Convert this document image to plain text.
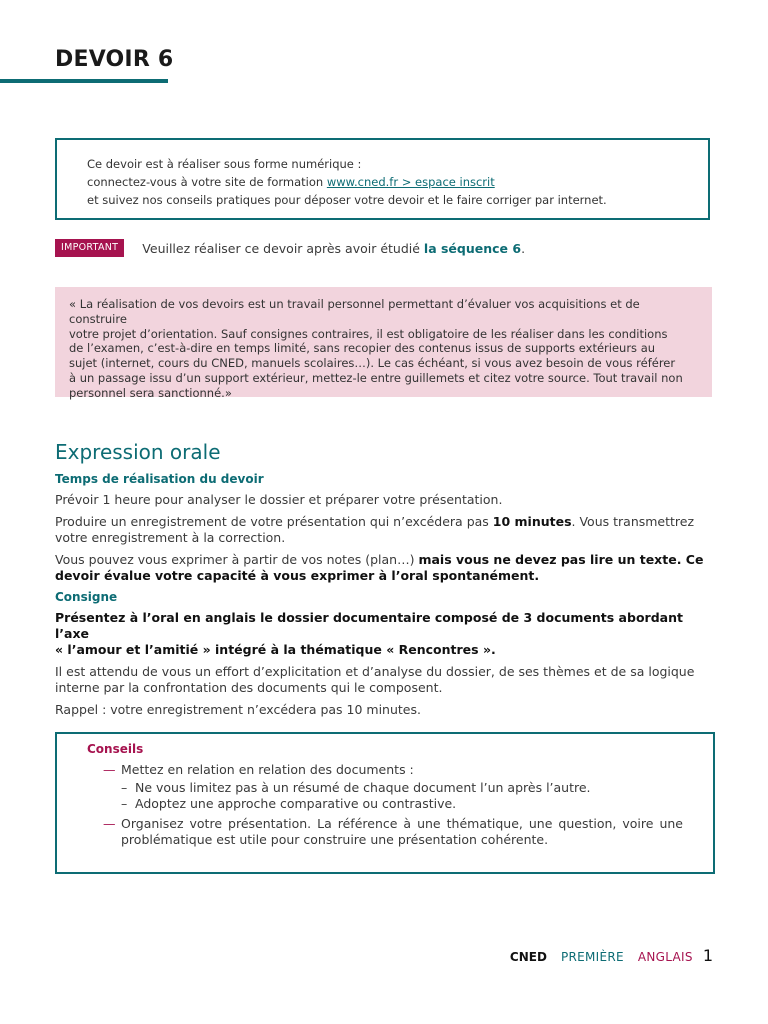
DEVOIR 6
Ce devoir est à réaliser sous forme numérique :
connectez-vous à votre site de formation www.cned.fr > espace inscrit
et suivez nos conseils pratiques pour déposer votre devoir et le faire corriger par internet.
IMPORTANT	Veuillez réaliser ce devoir après avoir étudié la séquence 6.
« La réalisation de vos devoirs est un travail personnel permettant d’évaluer vos acquisitions et de construire
votre projet d’orientation. Sauf consignes contraires, il est obligatoire de les réaliser dans les conditions
de l’examen, c’est-à-dire en temps limité, sans recopier des contenus issus de supports extérieurs au
sujet (internet, cours du CNED, manuels scolaires…). Le cas échéant, si vous avez besoin de vous référer
à un passage issu d’un support extérieur, mettez-le entre guillemets et citez votre source. Tout travail non
personnel sera sanctionné.»
Expression orale
Temps de réalisation du devoir

Prévoir 1 heure pour analyser le dossier et préparer votre présentation.

Produire un enregistrement de votre présentation qui n’excédera pas 10 minutes. Vous transmettrez votre enregistrement à la correction.

Vous pouvez vous exprimer à partir de vos notes (plan…) mais vous ne devez pas lire un texte. Ce devoir évalue votre capacité à vous exprimer à l’oral spontanément.

Consigne
Présentez à l’oral en anglais le dossier documentaire composé de 3 documents abordant l’axe
« l’amour et l’amitié » intégré à la thématique « Rencontres ».

Il est attendu de vous un effort d’explicitation et d’analyse du dossier, de ses thèmes et de sa logique interne par la confrontation des documents qui le composent.

Rappel : votre enregistrement n’excédera pas 10 minutes.

Conseils
— Mettez en relation en relation des documents :
– Ne vous limitez pas à un résumé de chaque document l’un après l’autre.
– Adoptez une approche comparative ou contrastive.
— Organisez votre présentation. La référence à une thématique, une question, voire une problématique est utile pour construire une présentation cohérente.
CNED PREMIÈRE ANGLAIS 1
